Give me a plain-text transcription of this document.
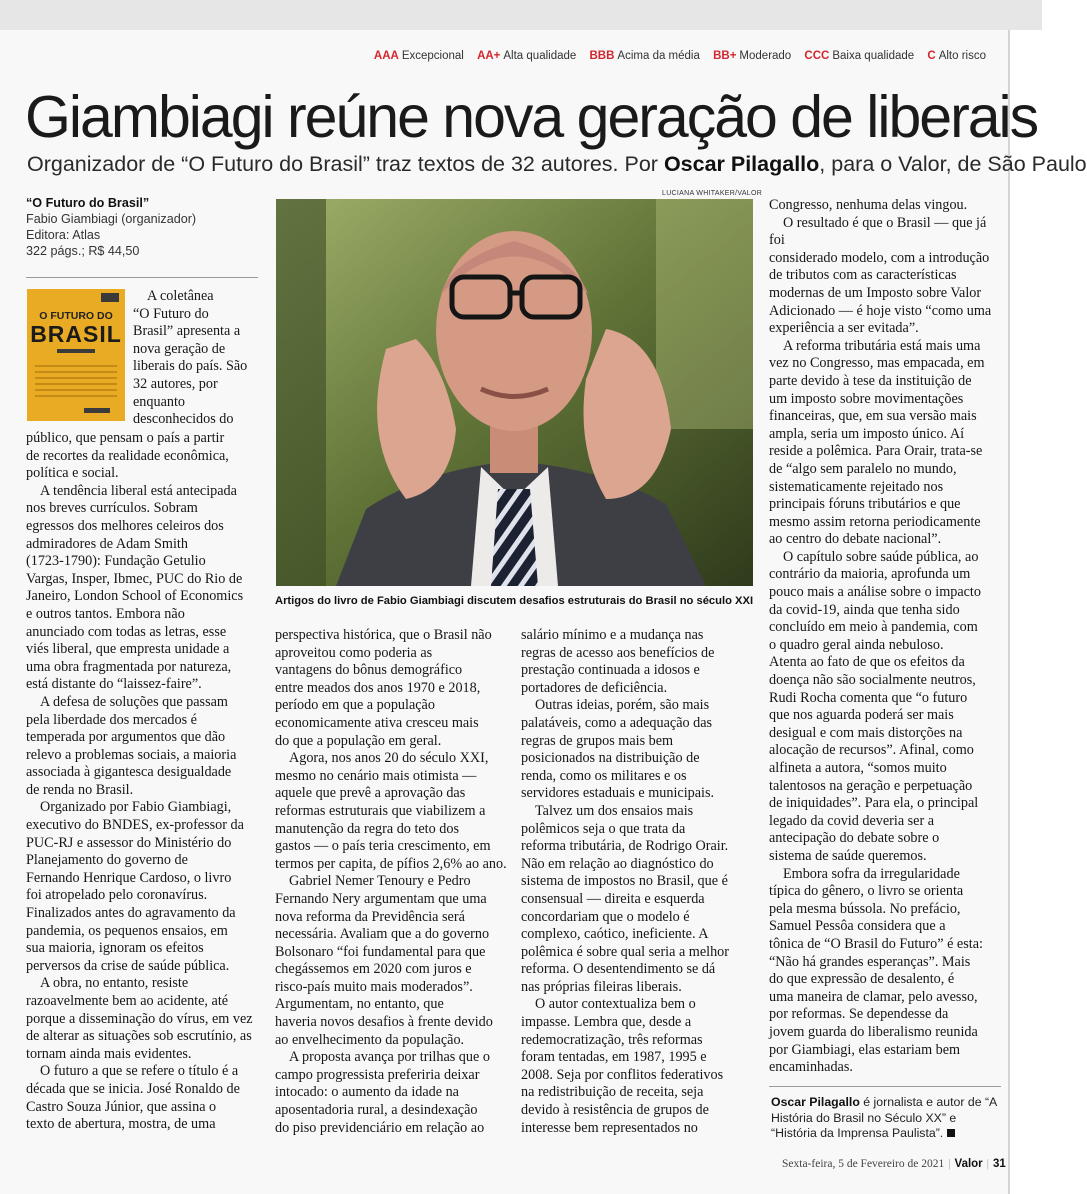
AAA Excepcional AA+ Alta qualidade BBB Acima da média BB+ Moderado CCC Baixa qualidade C Alto risco
Giambiagi reúne nova geração de liberais
Organizador de “O Futuro do Brasil” traz textos de 32 autores. Por Oscar Pilagallo, para o Valor, de São Paulo
“O Futuro do Brasil”
Fabio Giambiagi (organizador)
Editora: Atlas
322 págs.; R$ 44,50
O FUTURO DO
BRASIL
LUCIANA WHITAKER/VALOR
Artigos do livro de Fabio Giambiagi discutem desafios estruturais do Brasil no século XXI

A coletânea

“O Futuro do

Brasil” apresenta a

nova geração de

liberais do país. São

32 autores, por

enquanto

desconhecidos do

público, que pensam o país a partir

de recortes da realidade econômica,

política e social.

A tendência liberal está antecipada

nos breves currículos. Sobram

egressos dos melhores celeiros dos

admiradores de Adam Smith

(1723-1790): Fundação Getulio

Vargas, Insper, Ibmec, PUC do Rio de

Janeiro, London School of Economics

e outros tantos. Embora não

anunciado com todas as letras, esse

viés liberal, que empresta unidade a

uma obra fragmentada por natureza,

está distante do “laissez-faire”.

A defesa de soluções que passam

pela liberdade dos mercados é

temperada por argumentos que dão

relevo a problemas sociais, a maioria

associada à gigantesca desigualdade

de renda no Brasil.

Organizado por Fabio Giambiagi,

executivo do BNDES, ex-professor da

PUC-RJ e assessor do Ministério do

Planejamento do governo de

Fernando Henrique Cardoso, o livro

foi atropelado pelo coronavírus.

Finalizados antes do agravamento da

pandemia, os pequenos ensaios, em

sua maioria, ignoram os efeitos

perversos da crise de saúde pública.

A obra, no entanto, resiste

razoavelmente bem ao acidente, até

porque a disseminação do vírus, em vez

de alterar as situações sob escrutínio, as

tornam ainda mais evidentes.

O futuro a que se refere o título é a

década que se inicia. José Ronaldo de

Castro Souza Júnior, que assina o

texto de abertura, mostra, de uma

perspectiva histórica, que o Brasil não

aproveitou como poderia as

vantagens do bônus demográfico

entre meados dos anos 1970 e 2018,

período em que a população

economicamente ativa cresceu mais

do que a população em geral.

Agora, nos anos 20 do século XXI,

mesmo no cenário mais otimista —

aquele que prevê a aprovação das

reformas estruturais que viabilizem a

manutenção da regra do teto dos

gastos — o país teria crescimento, em

termos per capita, de pífios 2,6% ao ano.

Gabriel Nemer Tenoury e Pedro

Fernando Nery argumentam que uma

nova reforma da Previdência será

necessária. Avaliam que a do governo

Bolsonaro “foi fundamental para que

chegássemos em 2020 com juros e

risco-país muito mais moderados”.

Argumentam, no entanto, que

haveria novos desafios à frente devido

ao envelhecimento da população.

A proposta avança por trilhas que o

campo progressista preferiria deixar

intocado: o aumento da idade na

aposentadoria rural, a desindexação

do piso previdenciário em relação ao

salário mínimo e a mudança nas

regras de acesso aos benefícios de

prestação continuada a idosos e

portadores de deficiência.

Outras ideias, porém, são mais

palatáveis, como a adequação das

regras de grupos mais bem

posicionados na distribuição de

renda, como os militares e os

servidores estaduais e municipais.

Talvez um dos ensaios mais

polêmicos seja o que trata da

reforma tributária, de Rodrigo Orair.

Não em relação ao diagnóstico do

sistema de impostos no Brasil, que é

consensual — direita e esquerda

concordariam que o modelo é

complexo, caótico, ineficiente. A

polêmica é sobre qual seria a melhor

reforma. O desentendimento se dá

nas próprias fileiras liberais.

O autor contextualiza bem o

impasse. Lembra que, desde a

redemocratização, três reformas

foram tentadas, em 1987, 1995 e

2008. Seja por conflitos federativos

na redistribuição de receita, seja

devido à resistência de grupos de

interesse bem representados no

Congresso, nenhuma delas vingou.

O resultado é que o Brasil — que já foi

considerado modelo, com a introdução

de tributos com as características

modernas de um Imposto sobre Valor

Adicionado — é hoje visto “como uma

experiência a ser evitada”.

A reforma tributária está mais uma

vez no Congresso, mas empacada, em

parte devido à tese da instituição de

um imposto sobre movimentações

financeiras, que, em sua versão mais

ampla, seria um imposto único. Aí

reside a polêmica. Para Orair, trata-se

de “algo sem paralelo no mundo,

sistematicamente rejeitado nos

principais fóruns tributários e que

mesmo assim retorna periodicamente

ao centro do debate nacional”.

O capítulo sobre saúde pública, ao

contrário da maioria, aprofunda um

pouco mais a análise sobre o impacto

da covid-19, ainda que tenha sido

concluído em meio à pandemia, com

o quadro geral ainda nebuloso.

Atenta ao fato de que os efeitos da

doença não são socialmente neutros,

Rudi Rocha comenta que “o futuro

que nos aguarda poderá ser mais

desigual e com mais distorções na

alocação de recursos”. Afinal, como

alfineta a autora, “somos muito

talentosos na geração e perpetuação

de iniquidades”. Para ela, o principal

legado da covid deveria ser a

antecipação do debate sobre o

sistema de saúde queremos.

Embora sofra da irregularidade

típica do gênero, o livro se orienta

pela mesma bússola. No prefácio,

Samuel Pessôa considera que a

tônica de “O Brasil do Futuro” é esta:

“Não há grandes esperanças”. Mais

do que expressão de desalento, é

uma maneira de clamar, pelo avesso,

por reformas. Se dependesse da

jovem guarda do liberalismo reunida

por Giambiagi, elas estariam bem

encaminhadas.

Oscar Pilagallo é jornalista e autor de “A História do Brasil no Século XX” e “História da Imprensa Paulista”.
Sexta-feira, 5 de Fevereiro de 2021 | Valor | 31
